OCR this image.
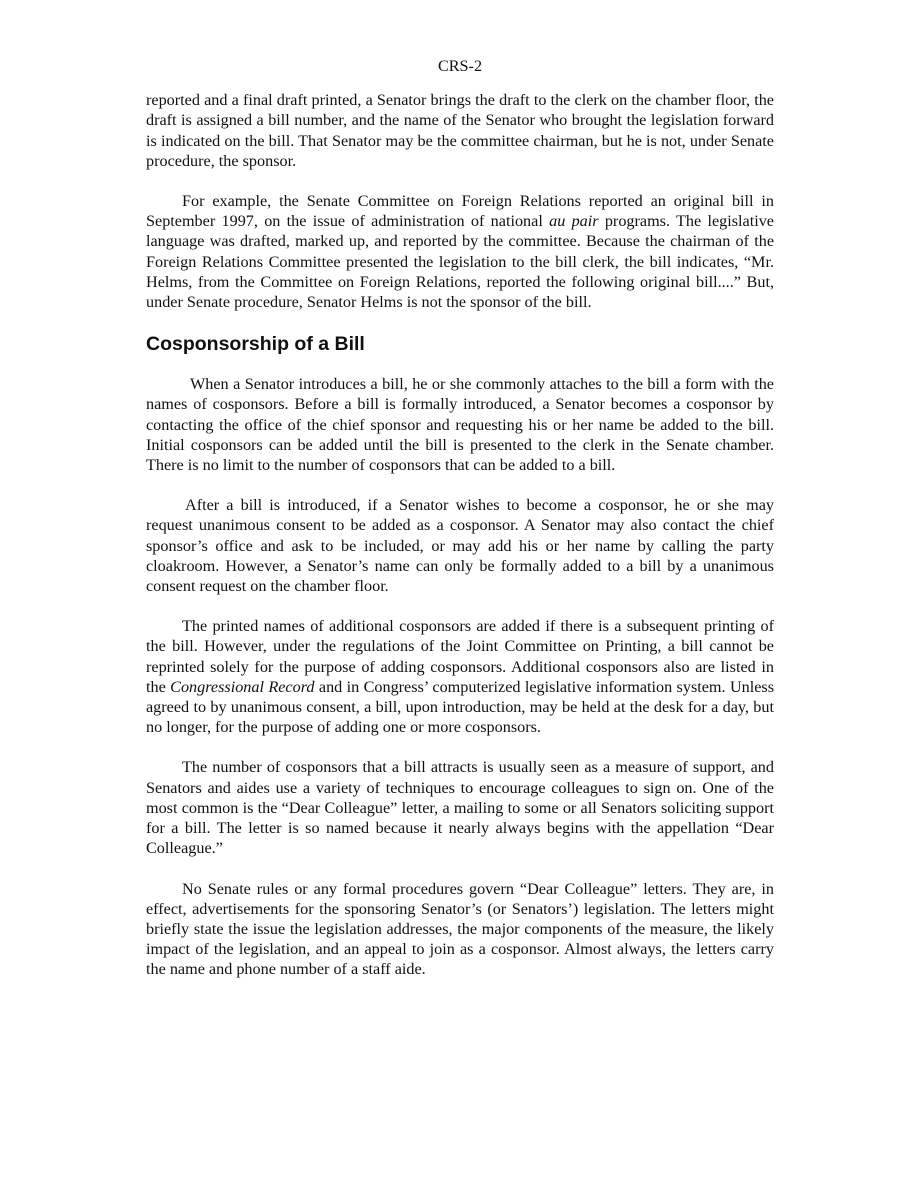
CRS-2

reported and a final draft printed, a Senator brings the draft to the clerk on the chamber floor, the draft is assigned a bill number, and the name of the Senator who brought the legislation forward is indicated on the bill. That Senator may be the committee chairman, but he is not, under Senate procedure, the sponsor.

For example, the Senate Committee on Foreign Relations reported an original bill in September 1997, on the issue of administration of national au pair programs. The legislative language was drafted, marked up, and reported by the committee. Because the chairman of the Foreign Relations Committee presented the legislation to the bill clerk, the bill indicates, “Mr. Helms, from the Committee on Foreign Relations, reported the following original bill....” But, under Senate procedure, Senator Helms is not the sponsor of the bill.

Cosponsorship of a Bill

When a Senator introduces a bill, he or she commonly attaches to the bill a form with the names of cosponsors. Before a bill is formally introduced, a Senator becomes a cosponsor by contacting the office of the chief sponsor and requesting his or her name be added to the bill. Initial cosponsors can be added until the bill is presented to the clerk in the Senate chamber. There is no limit to the number of cosponsors that can be added to a bill.

After a bill is introduced, if a Senator wishes to become a cosponsor, he or she may request unanimous consent to be added as a cosponsor. A Senator may also contact the chief sponsor’s office and ask to be included, or may add his or her name by calling the party cloakroom. However, a Senator’s name can only be formally added to a bill by a unanimous consent request on the chamber floor.

The printed names of additional cosponsors are added if there is a subsequent printing of the bill. However, under the regulations of the Joint Committee on Printing, a bill cannot be reprinted solely for the purpose of adding cosponsors. Additional cosponsors also are listed in the Congressional Record and in Congress’ computerized legislative information system. Unless agreed to by unanimous consent, a bill, upon introduction, may be held at the desk for a day, but no longer, for the purpose of adding one or more cosponsors.

The number of cosponsors that a bill attracts is usually seen as a measure of support, and Senators and aides use a variety of techniques to encourage colleagues to sign on. One of the most common is the “Dear Colleague” letter, a mailing to some or all Senators soliciting support for a bill. The letter is so named because it nearly always begins with the appellation “Dear Colleague.”

No Senate rules or any formal procedures govern “Dear Colleague” letters. They are, in effect, advertisements for the sponsoring Senator’s (or Senators’) legislation. The letters might briefly state the issue the legislation addresses, the major components of the measure, the likely impact of the legislation, and an appeal to join as a cosponsor. Almost always, the letters carry the name and phone number of a staff aide.
